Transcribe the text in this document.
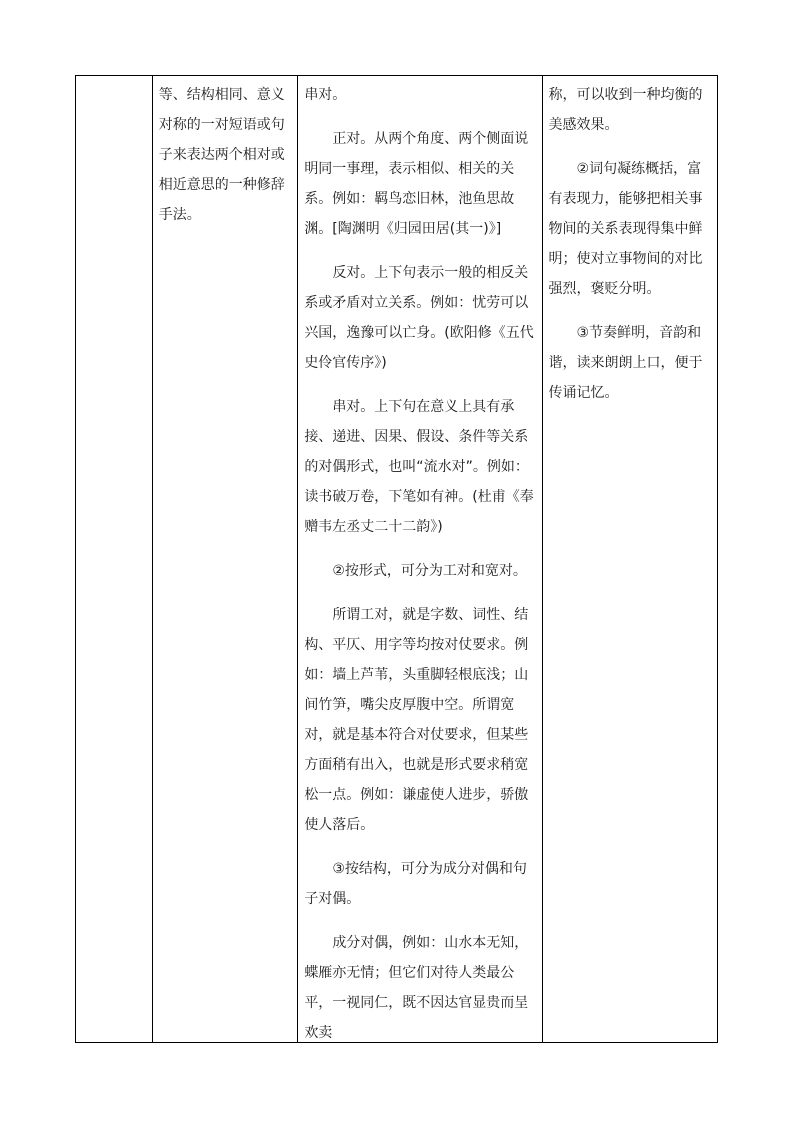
等、结构相同、意义
对称的一对短语或句
子来表达两个相对或
相近意思的一种修辞
手法。

串对。

正对。从两个角度、两个侧面说明同一事理，表示相似、相关的关系。例如：羁鸟恋旧林，池鱼思故渊。[陶渊明《归园田居(其一)》]

反对。上下句表示一般的相反关系或矛盾对立关系。例如：忧劳可以兴国，逸豫可以亡身。(欧阳修《五代史伶官传序》)

串对。上下句在意义上具有承接、递进、因果、假设、条件等关系的对偶形式，也叫“流水对”。例如：读书破万卷，下笔如有神。(杜甫《奉赠韦左丞丈二十二韵》)

②按形式，可分为工对和宽对。

所谓工对，就是字数、词性、结构、平仄、用字等均按对仗要求。例如：墙上芦苇，头重脚轻根底浅；山间竹笋，嘴尖皮厚腹中空。所谓宽对，就是基本符合对仗要求，但某些方面稍有出入，也就是形式要求稍宽松一点。例如：谦虚使人进步，骄傲使人落后。

③按结构，可分为成分对偶和句子对偶。

成分对偶，例如：山水本无知，蝶雁亦无情；但它们对待人类最公平，一视同仁，既不因达官显贵而呈欢卖

称，可以收到一种均衡的美感效果。

②词句凝练概括，富有表现力，能够把相关事物间的关系表现得集中鲜明；使对立事物间的对比强烈，褒贬分明。

③节奏鲜明，音韵和谐，读来朗朗上口，便于传诵记忆。
